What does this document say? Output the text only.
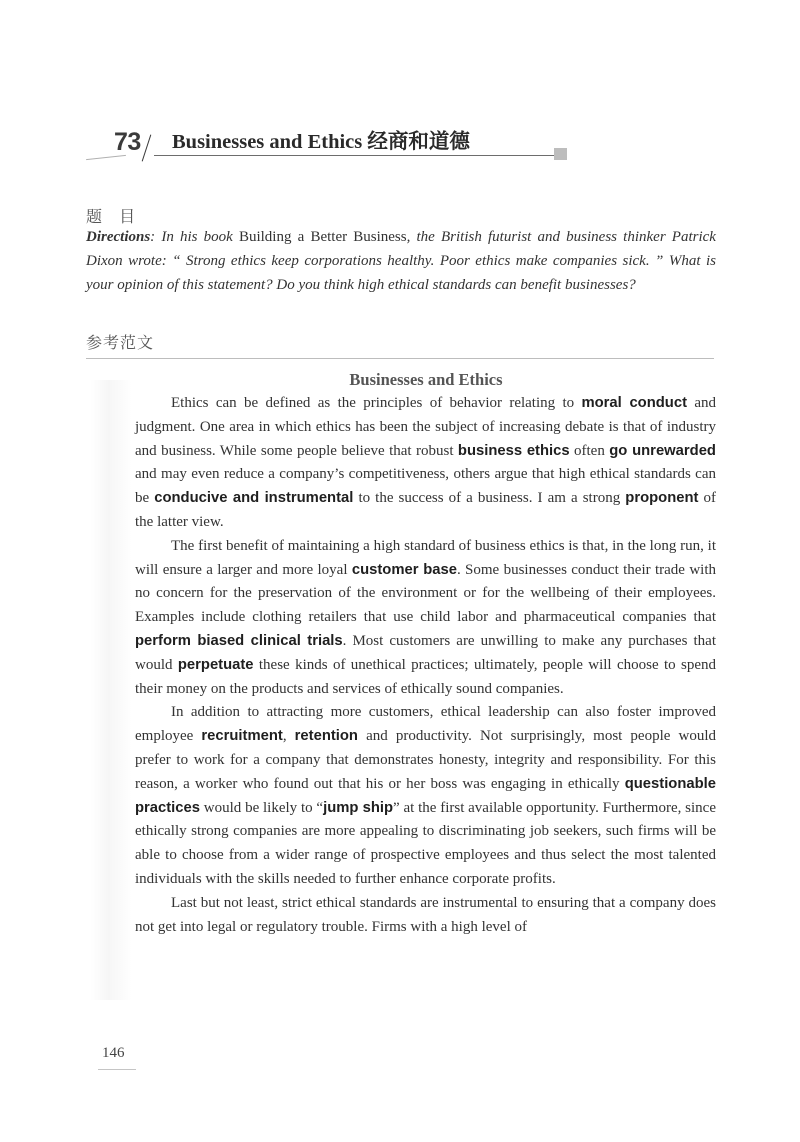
73 Businesses and Ethics 经商和道德
题 目
Directions: In his book Building a Better Business, the British futurist and business thinker Patrick Dixon wrote: “ Strong ethics keep corporations healthy. Poor ethics make companies sick. ” What is your opinion of this statement? Do you think high ethical standards can benefit businesses?
参考范文
Businesses and Ethics

Ethics can be defined as the principles of behavior relating to moral conduct and judgment. One area in which ethics has been the subject of increasing debate is that of industry and business. While some people believe that robust business ethics often go unrewarded and may even reduce a company’s competitiveness, others argue that high ethical standards can be conducive and instrumental to the success of a business. I am a strong proponent of the latter view.

The first benefit of maintaining a high standard of business ethics is that, in the long run, it will ensure a larger and more loyal customer base. Some businesses conduct their trade with no concern for the preservation of the environment or for the wellbeing of their employees. Examples include clothing retailers that use child labor and pharmaceutical companies that perform biased clinical trials. Most customers are unwilling to make any purchases that would perpetuate these kinds of unethical practices; ultimately, people will choose to spend their money on the products and services of ethically sound companies.

In addition to attracting more customers, ethical leadership can also foster improved employee recruitment, retention and productivity. Not surprisingly, most people would prefer to work for a company that demonstrates honesty, integrity and responsibility. For this reason, a worker who found out that his or her boss was engaging in ethically questionable practices would be likely to “jump ship” at the first available opportunity. Furthermore, since ethically strong companies are more appealing to discriminating job seekers, such firms will be able to choose from a wider range of prospective employees and thus select the most talented individuals with the skills needed to further enhance corporate profits.

Last but not least, strict ethical standards are instrumental to ensuring that a company does not get into legal or regulatory trouble. Firms with a high level of

146
